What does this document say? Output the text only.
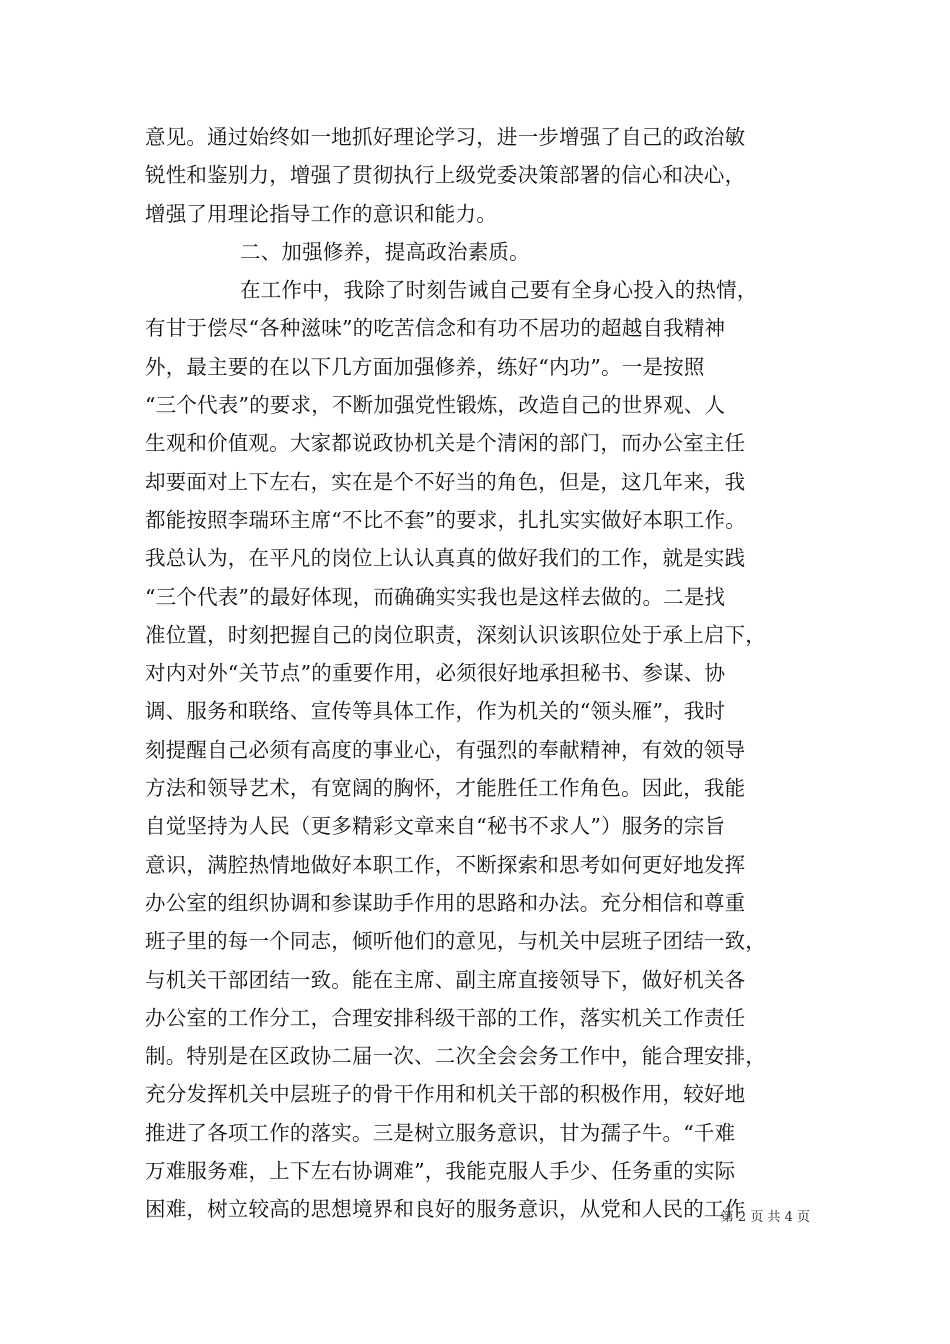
意见。通过始终如一地抓好理论学习，进一步增强了自己的政治敏
锐性和鉴别力，增强了贯彻执行上级党委决策部署的信心和决心，
增强了用理论指导工作的意识和能力。
二、加强修养，提高政治素质。
在工作中，我除了时刻告诫自己要有全身心投入的热情，
有甘于偿尽“各种滋味”的吃苦信念和有功不居功的超越自我精神
外，最主要的在以下几方面加强修养，练好“内功”。一是按照
“三个代表”的要求，不断加强党性锻炼，改造自己的世界观、人
生观和价值观。大家都说政协机关是个清闲的部门，而办公室主任
却要面对上下左右，实在是个不好当的角色，但是，这几年来，我
都能按照李瑞环主席“不比不套”的要求，扎扎实实做好本职工作。
我总认为，在平凡的岗位上认认真真的做好我们的工作，就是实践
“三个代表”的最好体现，而确确实实我也是这样去做的。二是找
准位置，时刻把握自己的岗位职责，深刻认识该职位处于承上启下，
对内对外“关节点”的重要作用，必须很好地承担秘书、参谋、协
调、服务和联络、宣传等具体工作，作为机关的“领头雁”，我时
刻提醒自己必须有高度的事业心，有强烈的奉献精神，有效的领导
方法和领导艺术，有宽阔的胸怀，才能胜任工作角色。因此，我能
自觉坚持为人民（更多精彩文章来自“秘书不求人”）服务的宗旨
意识，满腔热情地做好本职工作，不断探索和思考如何更好地发挥
办公室的组织协调和参谋助手作用的思路和办法。充分相信和尊重
班子里的每一个同志，倾听他们的意见，与机关中层班子团结一致，
与机关干部团结一致。能在主席、副主席直接领导下，做好机关各
办公室的工作分工，合理安排科级干部的工作，落实机关工作责任
制。特别是在区政协二届一次、二次全会会务工作中，能合理安排，
充分发挥机关中层班子的骨干作用和机关干部的积极作用，较好地
推进了各项工作的落实。三是树立服务意识，甘为孺子牛。“千难
万难服务难，上下左右协调难”，我能克服人手少、任务重的实际
困难，树立较高的思想境界和良好的服务意识，从党和人民的工作
第 2 页 共 4 页
